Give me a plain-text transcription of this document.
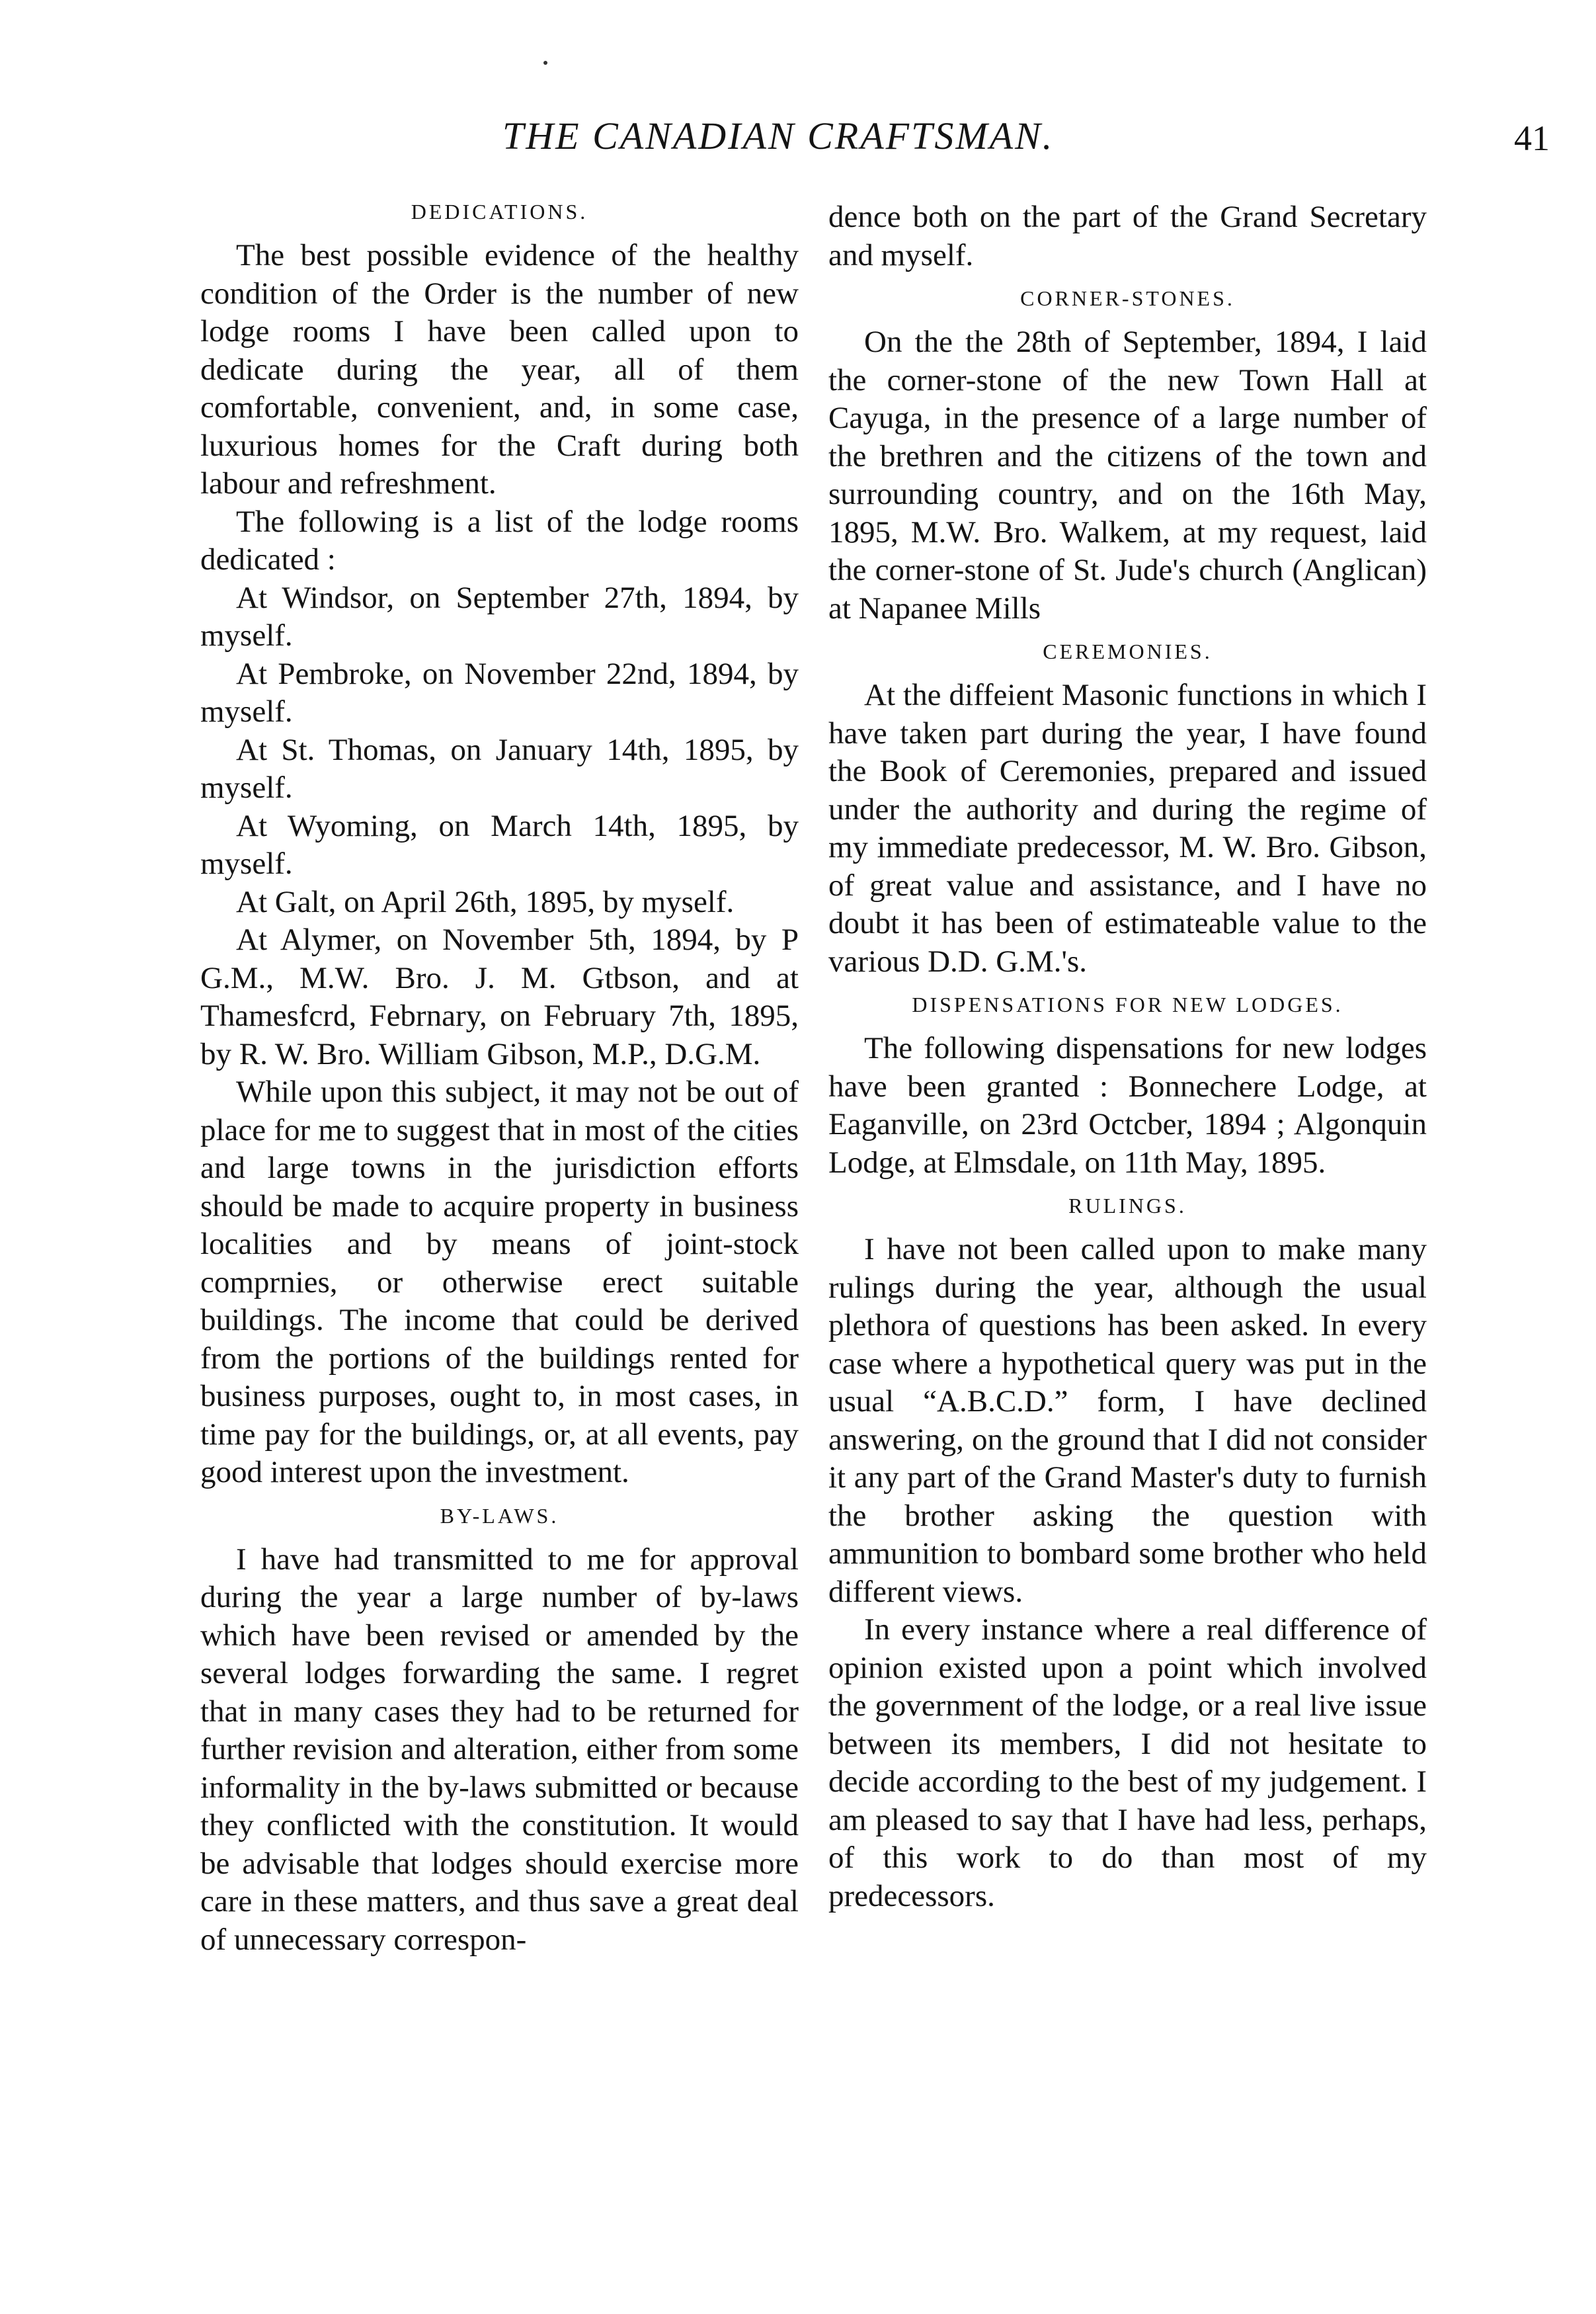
THE CANADIAN CRAFTSMAN.	41
DEDICATIONS.

The best possible evidence of the healthy condition of the Order is the number of new lodge rooms I have been called upon to dedicate during the year, all of them comfortable, convenient, and, in some case, luxurious homes for the Craft during both labour and refreshment.

The following is a list of the lodge rooms dedicated :

At Windsor, on September 27th, 1894, by myself.

At Pembroke, on November 22nd, 1894, by myself.

At St. Thomas, on January 14th, 1895, by myself.

At Wyoming, on March 14th, 1895, by myself.

At Galt, on April 26th, 1895, by myself.

At Alymer, on November 5th, 1894, by P G.M., M.W. Bro. J. M. Gtbson, and at Thamesfcrd, Febrnary, on February 7th, 1895, by R. W. Bro. William Gibson, M.P., D.G.M.

While upon this subject, it may not be out of place for me to suggest that in most of the cities and large towns in the jurisdiction efforts should be made to acquire property in business localities and by means of joint-stock comprnies, or otherwise erect suitable buildings. The income that could be derived from the portions of the buildings rented for business purposes, ought to, in most cases, in time pay for the buildings, or, at all events, pay good interest upon the investment.

BY-LAWS.

I have had transmitted to me for approval during the year a large number of by-laws which have been revised or amended by the several lodges forwarding the same. I regret that in many cases they had to be returned for further revision and alteration, either from some informality in the by-laws submitted or because they conflicted with the constitution. It would be advisable that lodges should exercise more care in these matters, and thus save a great deal of unnecessary correspon-

dence both on the part of the Grand Secretary and myself.

CORNER-STONES.

On the the 28th of September, 1894, I laid the corner-stone of the new Town Hall at Cayuga, in the presence of a large number of the brethren and the citizens of the town and surrounding country, and on the 16th May, 1895, M.W. Bro. Walkem, at my request, laid the corner-stone of St. Jude's church (Anglican) at Napanee Mills

CEREMONIES.

At the diffeient Masonic functions in which I have taken part during the year, I have found the Book of Ceremonies, prepared and issued under the authority and during the regime of my immediate predecessor, M. W. Bro. Gibson, of great value and assistance, and I have no doubt it has been of estimateable value to the various D.D. G.M.'s.

DISPENSATIONS FOR NEW LODGES.

The following dispensations for new lodges have been granted : Bonnechere Lodge, at Eaganville, on 23rd Octcber, 1894 ; Algonquin Lodge, at Elmsdale, on 11th May, 1895.

RULINGS.

I have not been called upon to make many rulings during the year, although the usual plethora of questions has been asked. In every case where a hypothetical query was put in the usual “A.B.C.D.” form, I have declined answering, on the ground that I did not consider it any part of the Grand Master's duty to furnish the brother asking the question with ammunition to bombard some brother who held different views.

In every instance where a real difference of opinion existed upon a point which involved the government of the lodge, or a real live issue between its members, I did not hesitate to decide according to the best of my judgement. I am pleased to say that I have had less, perhaps, of this work to do than most of my predecessors.
